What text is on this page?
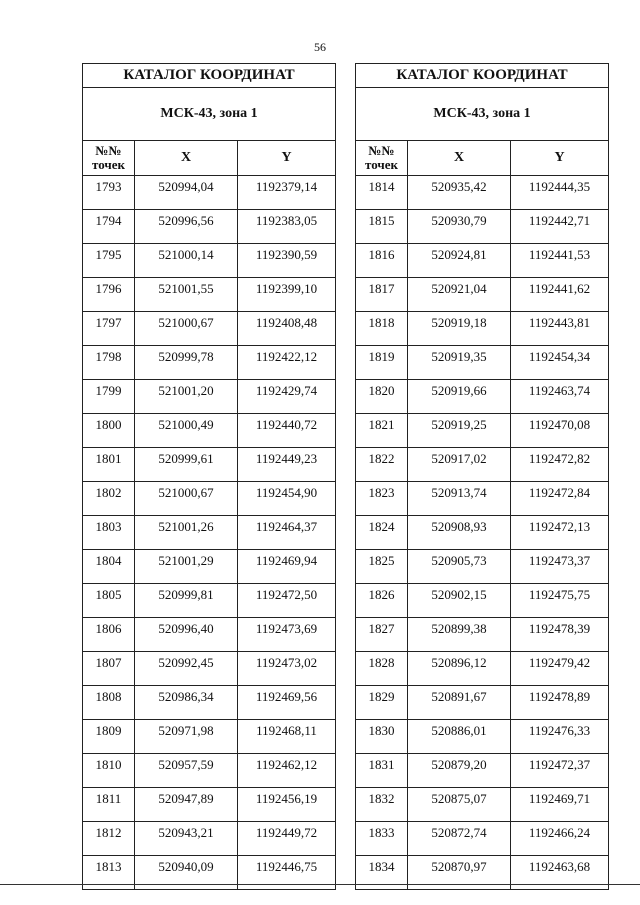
56
КАТАЛОГ КООРДИНАТ		
МСК-43, зона 1		
№№
точек	X	Y
1793	520994,04	1192379,14
1794	520996,56	1192383,05
1795	521000,14	1192390,59
1796	521001,55	1192399,10
1797	521000,67	1192408,48
1798	520999,78	1192422,12
1799	521001,20	1192429,74
1800	521000,49	1192440,72
1801	520999,61	1192449,23
1802	521000,67	1192454,90
1803	521001,26	1192464,37
1804	521001,29	1192469,94
1805	520999,81	1192472,50
1806	520996,40	1192473,69
1807	520992,45	1192473,02
1808	520986,34	1192469,56
1809	520971,98	1192468,11
1810	520957,59	1192462,12
1811	520947,89	1192456,19
1812	520943,21	1192449,72
1813	520940,09	1192446,75
КАТАЛОГ КООРДИНАТ		
МСК-43, зона 1		
№№
точек	X	Y
1814	520935,42	1192444,35
1815	520930,79	1192442,71
1816	520924,81	1192441,53
1817	520921,04	1192441,62
1818	520919,18	1192443,81
1819	520919,35	1192454,34
1820	520919,66	1192463,74
1821	520919,25	1192470,08
1822	520917,02	1192472,82
1823	520913,74	1192472,84
1824	520908,93	1192472,13
1825	520905,73	1192473,37
1826	520902,15	1192475,75
1827	520899,38	1192478,39
1828	520896,12	1192479,42
1829	520891,67	1192478,89
1830	520886,01	1192476,33
1831	520879,20	1192472,37
1832	520875,07	1192469,71
1833	520872,74	1192466,24
1834	520870,97	1192463,68
